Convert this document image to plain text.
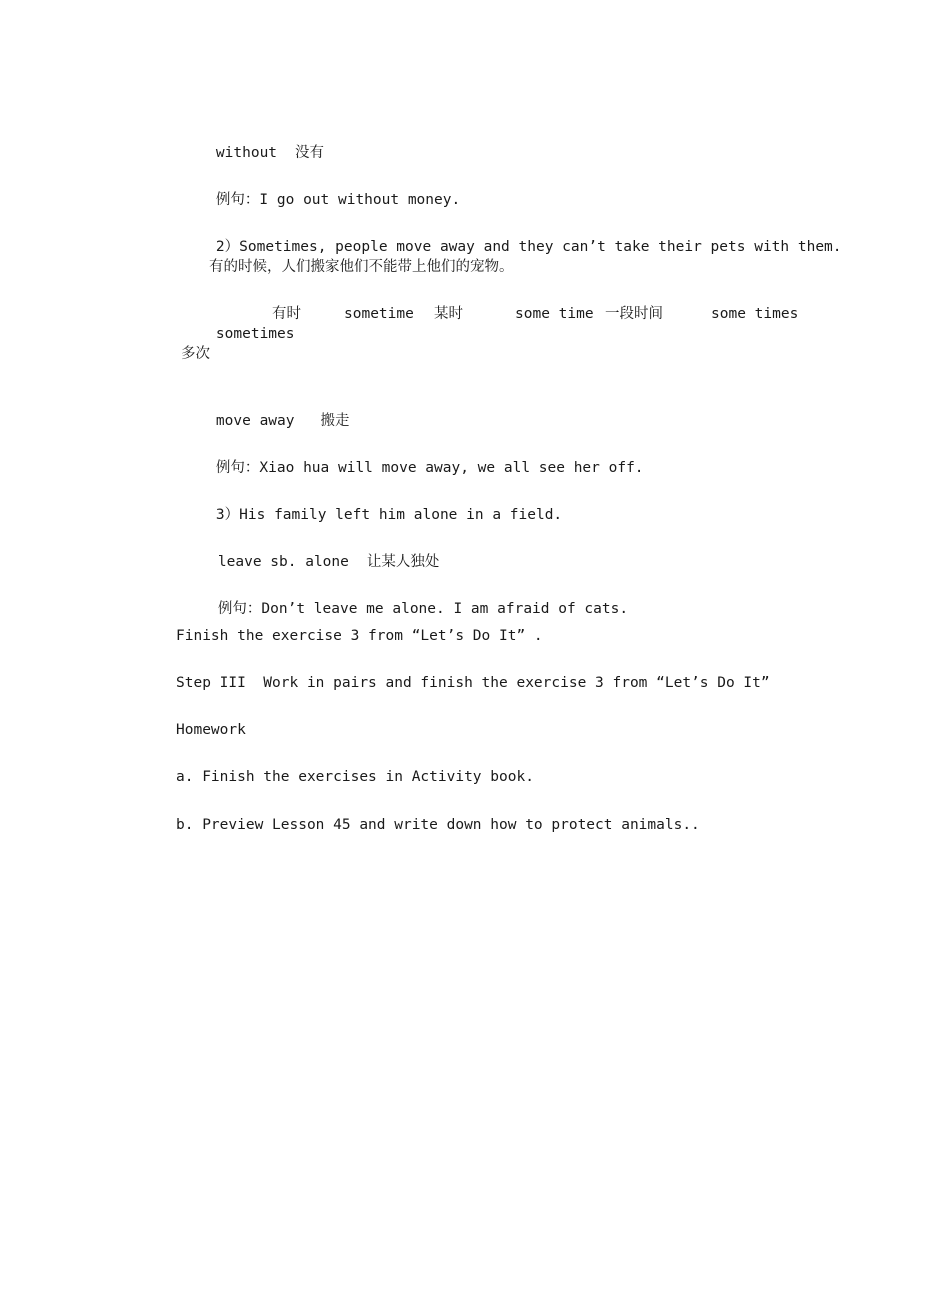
without 没有

例句：I go out without money.

2）Sometimes, people move away and they can’t take their pets with them.

有的时候，人们搬家他们不能带上他们的宠物。

sometimes

有时	sometime 某时	some time 一段时间	some times
多次

move away 搬走

例句：Xiao hua will move away, we all see her off.

3）His family left him alone in a field.

leave sb. alone 让某人独处

例句：Don’t leave me alone. I am afraid of cats.

Finish the exercise 3 from “Let’s Do It” .
Step III  Work in pairs and finish the exercise 3 from “Let’s Do It”
Homework
a. Finish the exercises in Activity book.
b. Preview Lesson 45 and write down how to protect animals..
